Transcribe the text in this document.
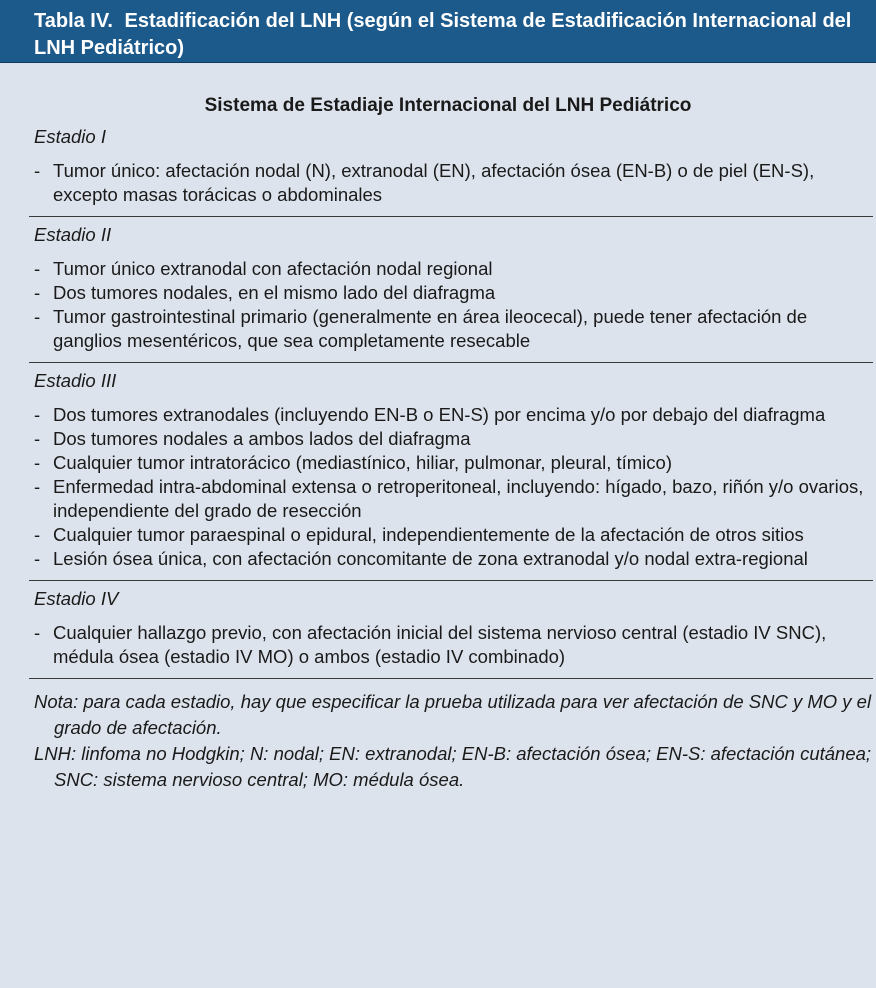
Tabla IV. Estadificación del LNH (según el Sistema de Estadificación Internacional del LNH Pediátrico)
Sistema de Estadiaje Internacional del LNH Pediátrico
Estadio I
- Tumor único: afectación nodal (N), extranodal (EN), afectación ósea (EN-B) o de piel (EN-S), excepto masas torácicas o abdominales
Estadio II
- Tumor único extranodal con afectación nodal regional
- Dos tumores nodales, en el mismo lado del diafragma
- Tumor gastrointestinal primario (generalmente en área ileocecal), puede tener afectación de ganglios mesentéricos, que sea completamente resecable
Estadio III
- Dos tumores extranodales (incluyendo EN-B o EN-S) por encima y/o por debajo del diafragma
- Dos tumores nodales a ambos lados del diafragma
- Cualquier tumor intratorácico (mediastínico, hiliar, pulmonar, pleural, tímico)
- Enfermedad intra-abdominal extensa o retroperitoneal, incluyendo: hígado, bazo, riñón y/o ovarios, independiente del grado de resección
- Cualquier tumor paraespinal o epidural, independientemente de la afectación de otros sitios
- Lesión ósea única, con afectación concomitante de zona extranodal y/o nodal extra-regional
Estadio IV
- Cualquier hallazgo previo, con afectación inicial del sistema nervioso central (estadio IV SNC), médula ósea (estadio IV MO) o ambos (estadio IV combinado)

Nota: para cada estadio, hay que especificar la prueba utilizada para ver afectación de SNC y MO y el grado de afectación.

LNH: linfoma no Hodgkin; N: nodal; EN: extranodal; EN-B: afectación ósea; EN-S: afectación cutánea; SNC: sistema nervioso central; MO: médula ósea.
